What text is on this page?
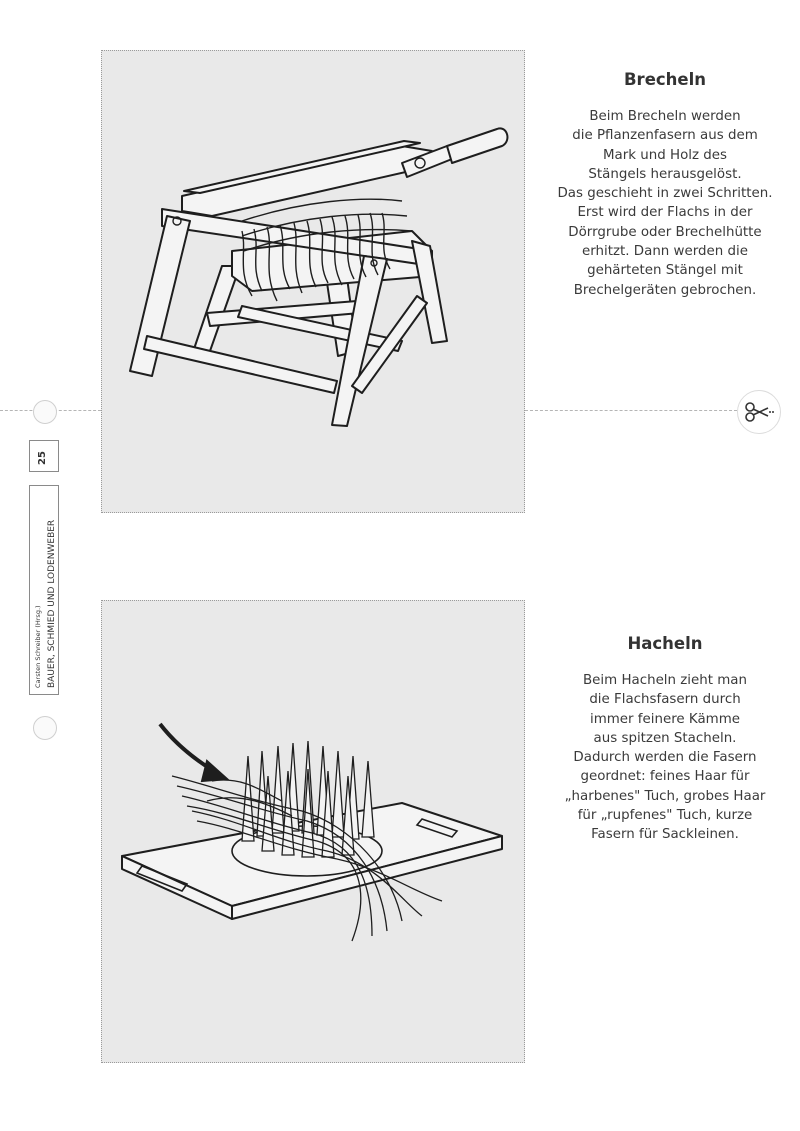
Brecheln
Beim Brecheln werden
die Pflanzenfasern aus dem
Mark und Holz des
Stängels herausgelöst.
Das geschieht in zwei Schritten.
Erst wird der Flachs in der
Dörrgrube oder Brechelhütte
erhitzt. Dann werden die
gehärteten Stängel mit
Brechelgeräten gebrochen.
25
BAUER, SCHMIED UND LODENWEBER
Carsten Schreiber (Hrsg.)	Hacheln
Beim Hacheln zieht man
die Flachsfasern durch
immer feinere Kämme
aus spitzen Stacheln.
Dadurch werden die Fasern
geordnet: feines Haar für
„harbenes" Tuch, grobes Haar
für „rupfenes" Tuch, kurze
Fasern für Sackleinen.
